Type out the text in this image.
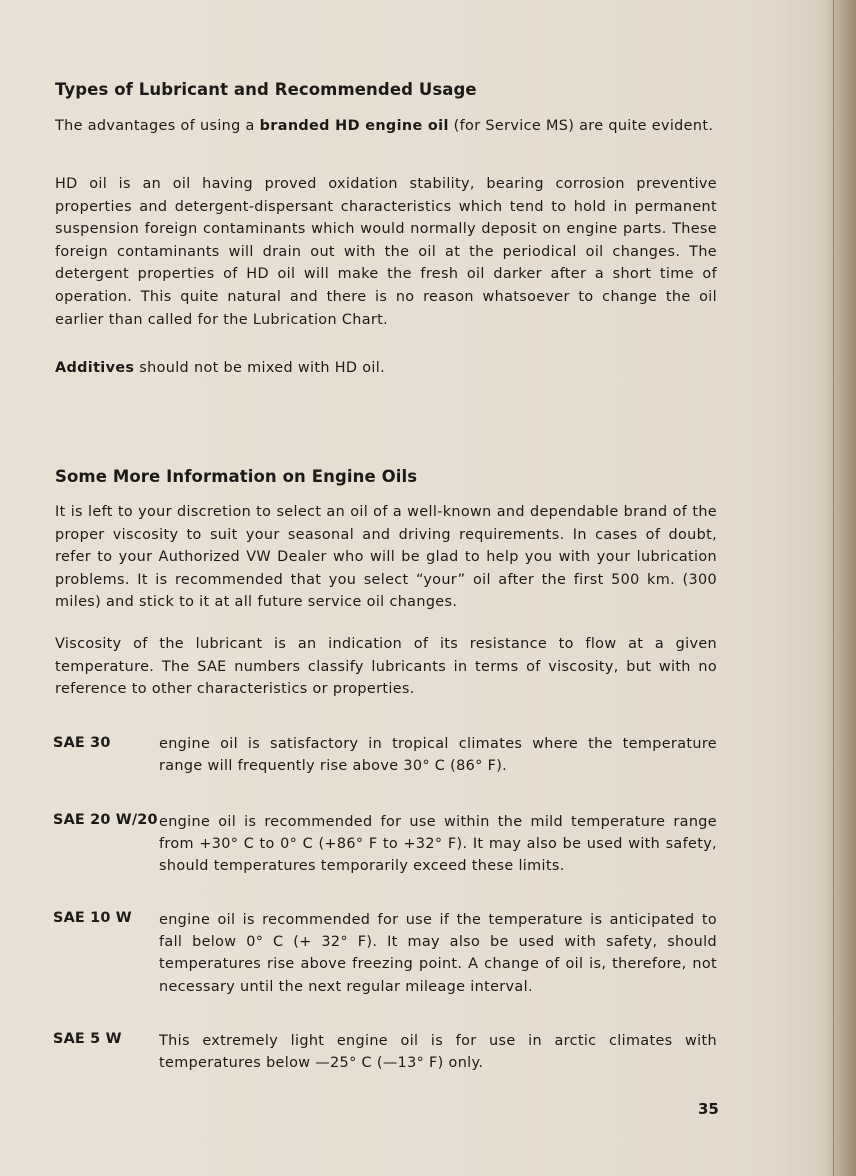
Types of Lubricant and Recommended Usage

The advantages of using a branded HD engine oil (for Service MS) are quite evident.

HD oil is an oil having proved oxidation stability, bearing corrosion preventive properties and detergent-dispersant characteristics which tend to hold in permanent suspension foreign contaminants which would normally deposit on engine parts. These foreign contaminants will drain out with the oil at the periodical oil changes. The detergent properties of HD oil will make the fresh oil darker after a short time of operation. This quite natural and there is no reason whatsoever to change the oil earlier than called for the Lubrication Chart.

Additives should not be mixed with HD oil.

Some More Information on Engine Oils

It is left to your discretion to select an oil of a well-known and dependable brand of the proper viscosity to suit your seasonal and driving requirements. In cases of doubt, refer to your Authorized VW Dealer who will be glad to help you with your lubrication problems. It is recommended that you select “your” oil after the first 500 km. (300 miles) and stick to it at all future service oil changes.

Viscosity of the lubricant is an indication of its resistance to flow at a given temperature. The SAE numbers classify lubricants in terms of viscosity, but with no reference to other characteristics or properties.

SAE 30	engine oil is satisfactory in tropical climates where the temperature range will frequently rise above 30° C (86° F).
SAE 20 W/20 engine oil is recommended for use within the mild temperature range from +30° C to 0° C (+86° F to +32° F). It may also be used with safety, should temperatures temporarily exceed these limits.
SAE 10 W engine oil is recommended for use if the temperature is anticipated to fall below 0° C (+ 32° F). It may also be used with safety, should temperatures rise above freezing point. A change of oil is, therefore, not necessary until the next regular mileage interval.
SAE 5 W	This extremely light engine oil is for use in arctic climates with temperatures below —25° C (—13° F) only.
35
